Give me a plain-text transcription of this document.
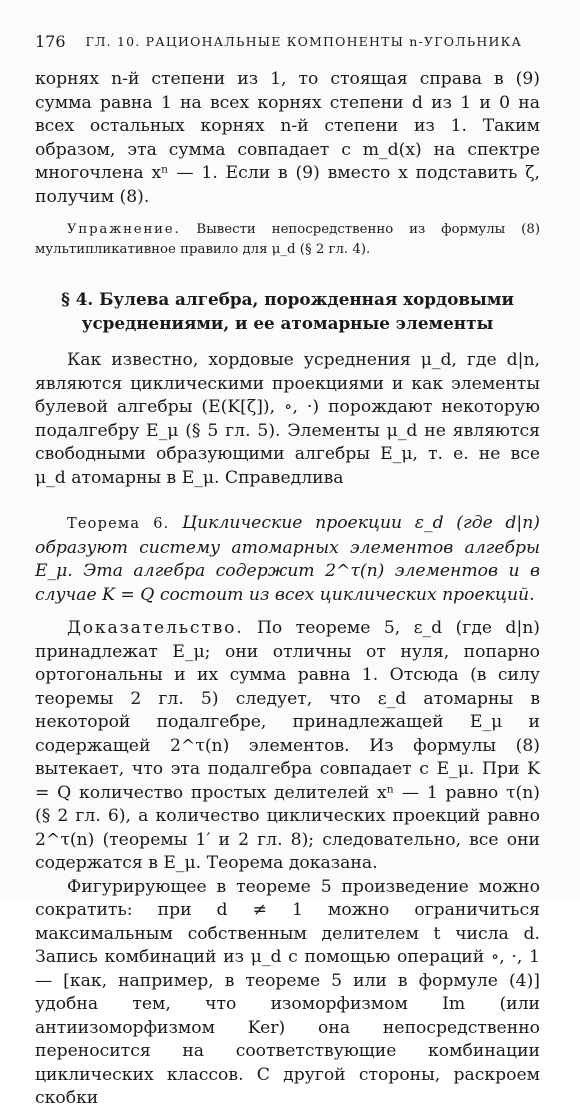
176 ГЛ. 10. РАЦИОНАЛЬНЫЕ КОМПОНЕНТЫ n-УГОЛЬНИКА

корнях n-й степени из 1, то стоящая справа в (9) сумма равна 1 на всех корнях степени d из 1 и 0 на всех остальных корнях n-й степени из 1. Таким образом, эта сумма совпадает с m_d(x) на спектре многочлена xⁿ — 1. Если в (9) вместо x подставить ζ, получим (8).

Упражнение. Вывести непосредственно из формулы (8) мультипликативное правило для μ_d (§ 2 гл. 4).
§ 4. Булева алгебра, порожденная хордовыми
усреднениями, и ее атомарные элементы

Как известно, хордовые усреднения μ_d, где d|n, являются циклическими проекциями и как элементы булевой алгебры (E(K[ζ]), ∘, ·) порождают некоторую подалгебру E_μ (§ 5 гл. 5). Элементы μ_d не являются свободными образующими алгебры E_μ, т. е. не все μ_d атомарны в E_μ. Справедлива

Теорема 6. Циклические проекции ε_d (где d|n) образуют систему атомарных элементов алгебры E_μ. Эта алгебра содержит 2^τ(n) элементов и в случае K = Q состоит из всех циклических проекций.

Доказательство. По теореме 5, ε_d (где d|n) принадлежат E_μ; они отличны от нуля, попарно ортогональны и их сумма равна 1. Отсюда (в силу теоремы 2 гл. 5) следует, что ε_d атомарны в некоторой подалгебре, принадлежащей E_μ и содержащей 2^τ(n) элементов. Из формулы (8) вытекает, что эта подалгебра совпадает с E_μ. При K = Q количество простых делителей xⁿ — 1 равно τ(n) (§ 2 гл. 6), а количество циклических проекций равно 2^τ(n) (теоремы 1′ и 2 гл. 8); следовательно, все они содержатся в E_μ. Теорема доказана.

Фигурирующее в теореме 5 произведение можно сократить: при d ≠ 1 можно ограничиться максимальным собственным делителем t числа d. Запись комбинаций из μ_d с помощью операций ∘, ·, 1 — [как, например, в теореме 5 или в формуле (4)] удобна тем, что изоморфизмом Im (или антиизоморфизмом Ker) она непосредственно переносится на соответствующие комбинации циклических классов. С другой стороны, раскроем скобки
